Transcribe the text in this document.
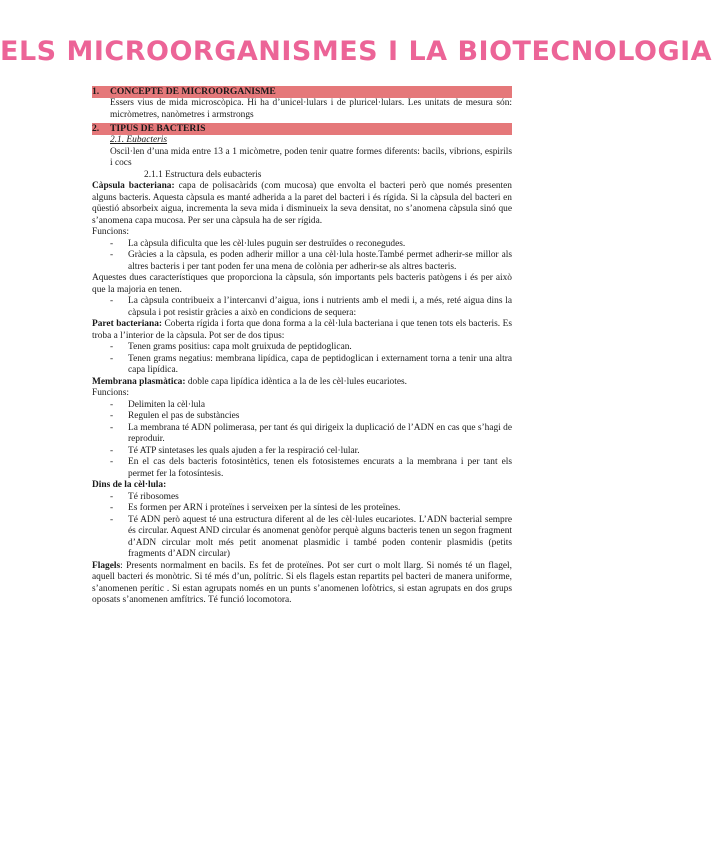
ELS MICROORGANISMES I LA BIOTECNOLOGIA
1. CONCEPTE DE MICROORGANISME
Éssers vius de mida microscòpica. Hi ha d’unicel·lulars i de pluricel·lulars. Les unitats de mesura són: micròmetres, nanòmetres i armstrongs
2. TIPUS DE BACTERIS

2.1. Eubacteris

Oscil·len d’una mida entre 13 a 1 micòmetre, poden tenir quatre formes diferents: bacils, vibrions, espirils i cocs

2.1.1 Estructura dels eubacteris

Càpsula bacteriana: capa de polisacàrids (com mucosa) que envolta el bacteri però que només presenten alguns bacteris. Aquesta càpsula es manté adherida a la paret del bacteri i és rígida. Si la càpsula del bacteri en qüestió absorbeix aigua, incrementa la seva mida i disminueix la seva densitat, no s’anomena càpsula sinó que s’anomena capa mucosa. Per ser una càpsula ha de ser rígida.

Funcions:

- La càpsula dificulta que les cèl·lules puguin ser destruïdes o reconegudes.
- Gràcies a la càpsula, es poden adherir millor a una cèl·lula hoste.També permet adherir-se millor als altres bacteris i per tant poden fer una mena de colònia per adherir-se als altres bacteris.

Aquestes dues característiques que proporciona la càpsula, són importants pels bacteris patògens i és per això que la majoria en tenen.

- La càpsula contribueix a l’intercanvi d’aigua, ions i nutrients amb el medi i, a més, reté aigua dins la càpsula i pot resistir gràcies a això en condicions de sequera:

Paret bacteriana: Coberta rígida i forta que dona forma a la cèl·lula bacteriana i que tenen tots els bacteris. Es troba a l’interior de la càpsula. Pot ser de dos tipus:

- Tenen grams positius: capa molt gruixuda de peptidoglican.
- Tenen grams negatius: membrana lipídica, capa de peptidoglican i externament torna a tenir una altra capa lipídica.

Membrana plasmàtica: doble capa lipídica idèntica a la de les cèl·lules eucariotes.

Funcions:

- Delimiten la cèl·lula
- Regulen el pas de substàncies
- La membrana té ADN polimerasa, per tant és qui dirigeix la duplicació de l’ADN en cas que s’hagi de reproduir.
- Té ATP sintetases les quals ajuden a fer la respiració cel·lular.
- En el cas dels bacteris fotosintètics, tenen els fotosistemes encurats a la membrana i per tant els permet fer la fotosíntesis.

Dins de la cèl·lula:

- Té ribosomes
- Es formen per ARN i proteïnes i serveixen per la síntesi de les proteïnes.
- Té ADN però aquest té una estructura diferent al de les cèl·lules eucariotes. L’ADN bacterial sempre és circular. Aquest AND circular és anomenat genòfor perquè alguns bacteris tenen un segon fragment d’ADN circular molt més petit anomenat plasmidic i també poden contenir plasmidis (petits fragments d’ADN circular)

Flagels: Presents normalment en bacils. Es fet de proteïnes. Pot ser curt o molt llarg. Si només té un flagel, aquell bacteri és monòtric. Si té més d’un, polítric. Si els flagels estan repartits pel bacteri de manera uniforme, s’anomenen perític . Si estan agrupats només en un punts s’anomenen lofòtrics, si estan agrupats en dos grups oposats s’anomenen amfítrics. Té funció locomotora.
